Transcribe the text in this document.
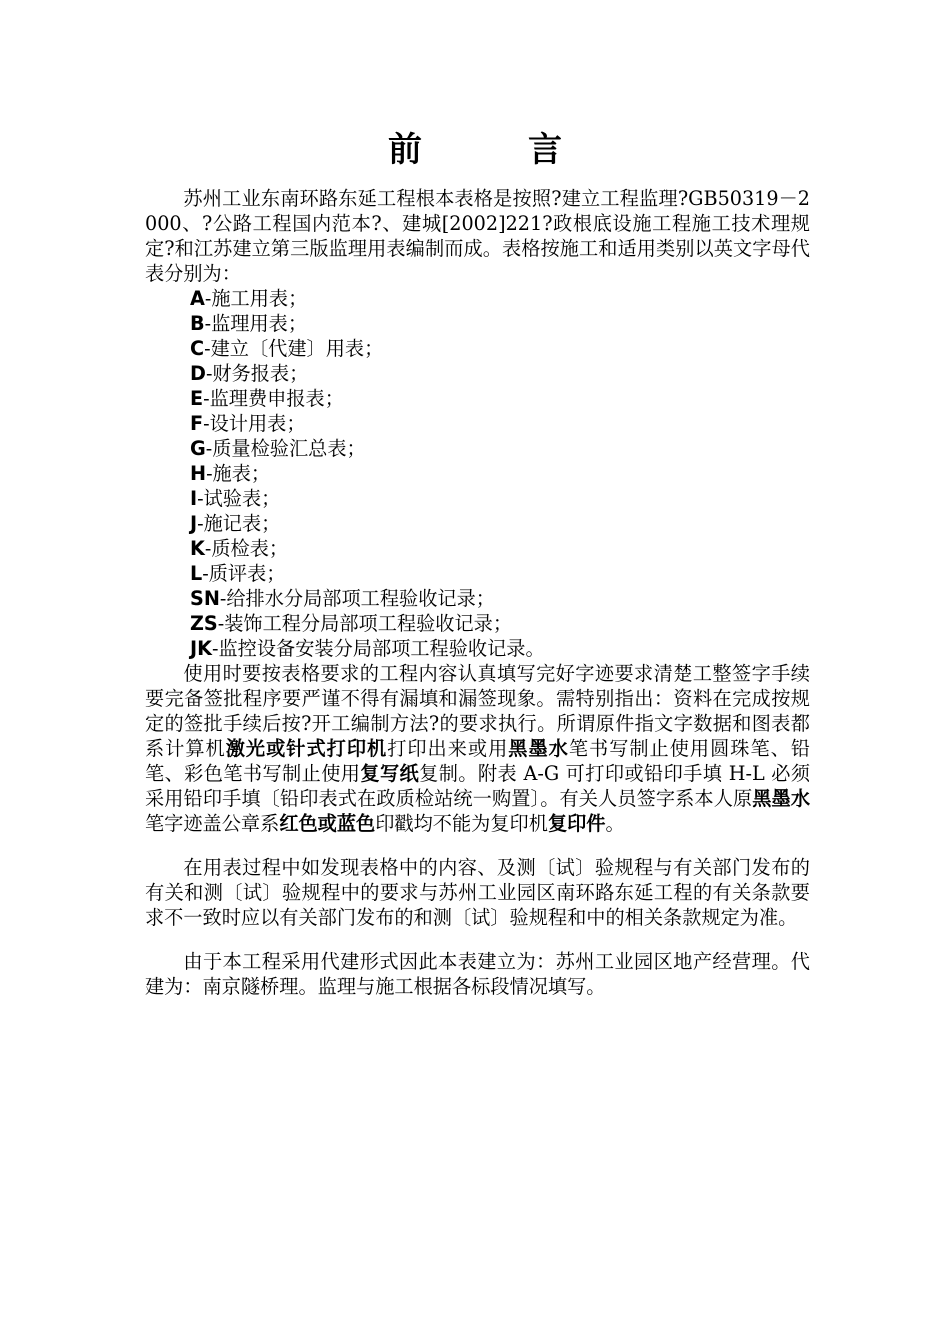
前　言

苏州工业东南环路东延工程根本表格是按照?建立工程监理?GB50319－2000、?公路工程国内范本?、建城[2002]221?政根底设施工程施工技术理规定?和江苏建立第三版监理用表编制而成。表格按施工和适用类别以英文字母代表分别为：

A-施工用表；
B-监理用表；
C-建立〔代建〕用表；
D-财务报表；
E-监理费申报表；
F-设计用表；
G-质量检验汇总表；
H-施表；
I-试验表；
J-施记表；
K-质检表；
L-质评表；
SN-给排水分局部项工程验收记录；
ZS-装饰工程分局部项工程验收记录；
JK-监控设备安装分局部项工程验收记录。

使用时要按表格要求的工程内容认真填写完好字迹要求清楚工整签字手续要完备签批程序要严谨不得有漏填和漏签现象。需特别指出：资料在完成按规定的签批手续后按?开工编制方法?的要求执行。所谓原件指文字数据和图表都系计算机激光或针式打印机打印出来或用黑墨水笔书写制止使用圆珠笔、铅笔、彩色笔书写制止使用复写纸复制。附表 A-G 可打印或铅印手填 H-L 必须采用铅印手填〔铅印表式在政质检站统一购置〕。有关人员签字系本人原黑墨水笔字迹盖公章系红色或蓝色印戳均不能为复印机复印件。

在用表过程中如发现表格中的内容、及测〔试〕验规程与有关部门发布的有关和测〔试〕验规程中的要求与苏州工业园区南环路东延工程的有关条款要求不一致时应以有关部门发布的和测〔试〕验规程和中的相关条款规定为准。

由于本工程采用代建形式因此本表建立为：苏州工业园区地产经营理。代建为：南京隧桥理。监理与施工根据各标段情况填写。
